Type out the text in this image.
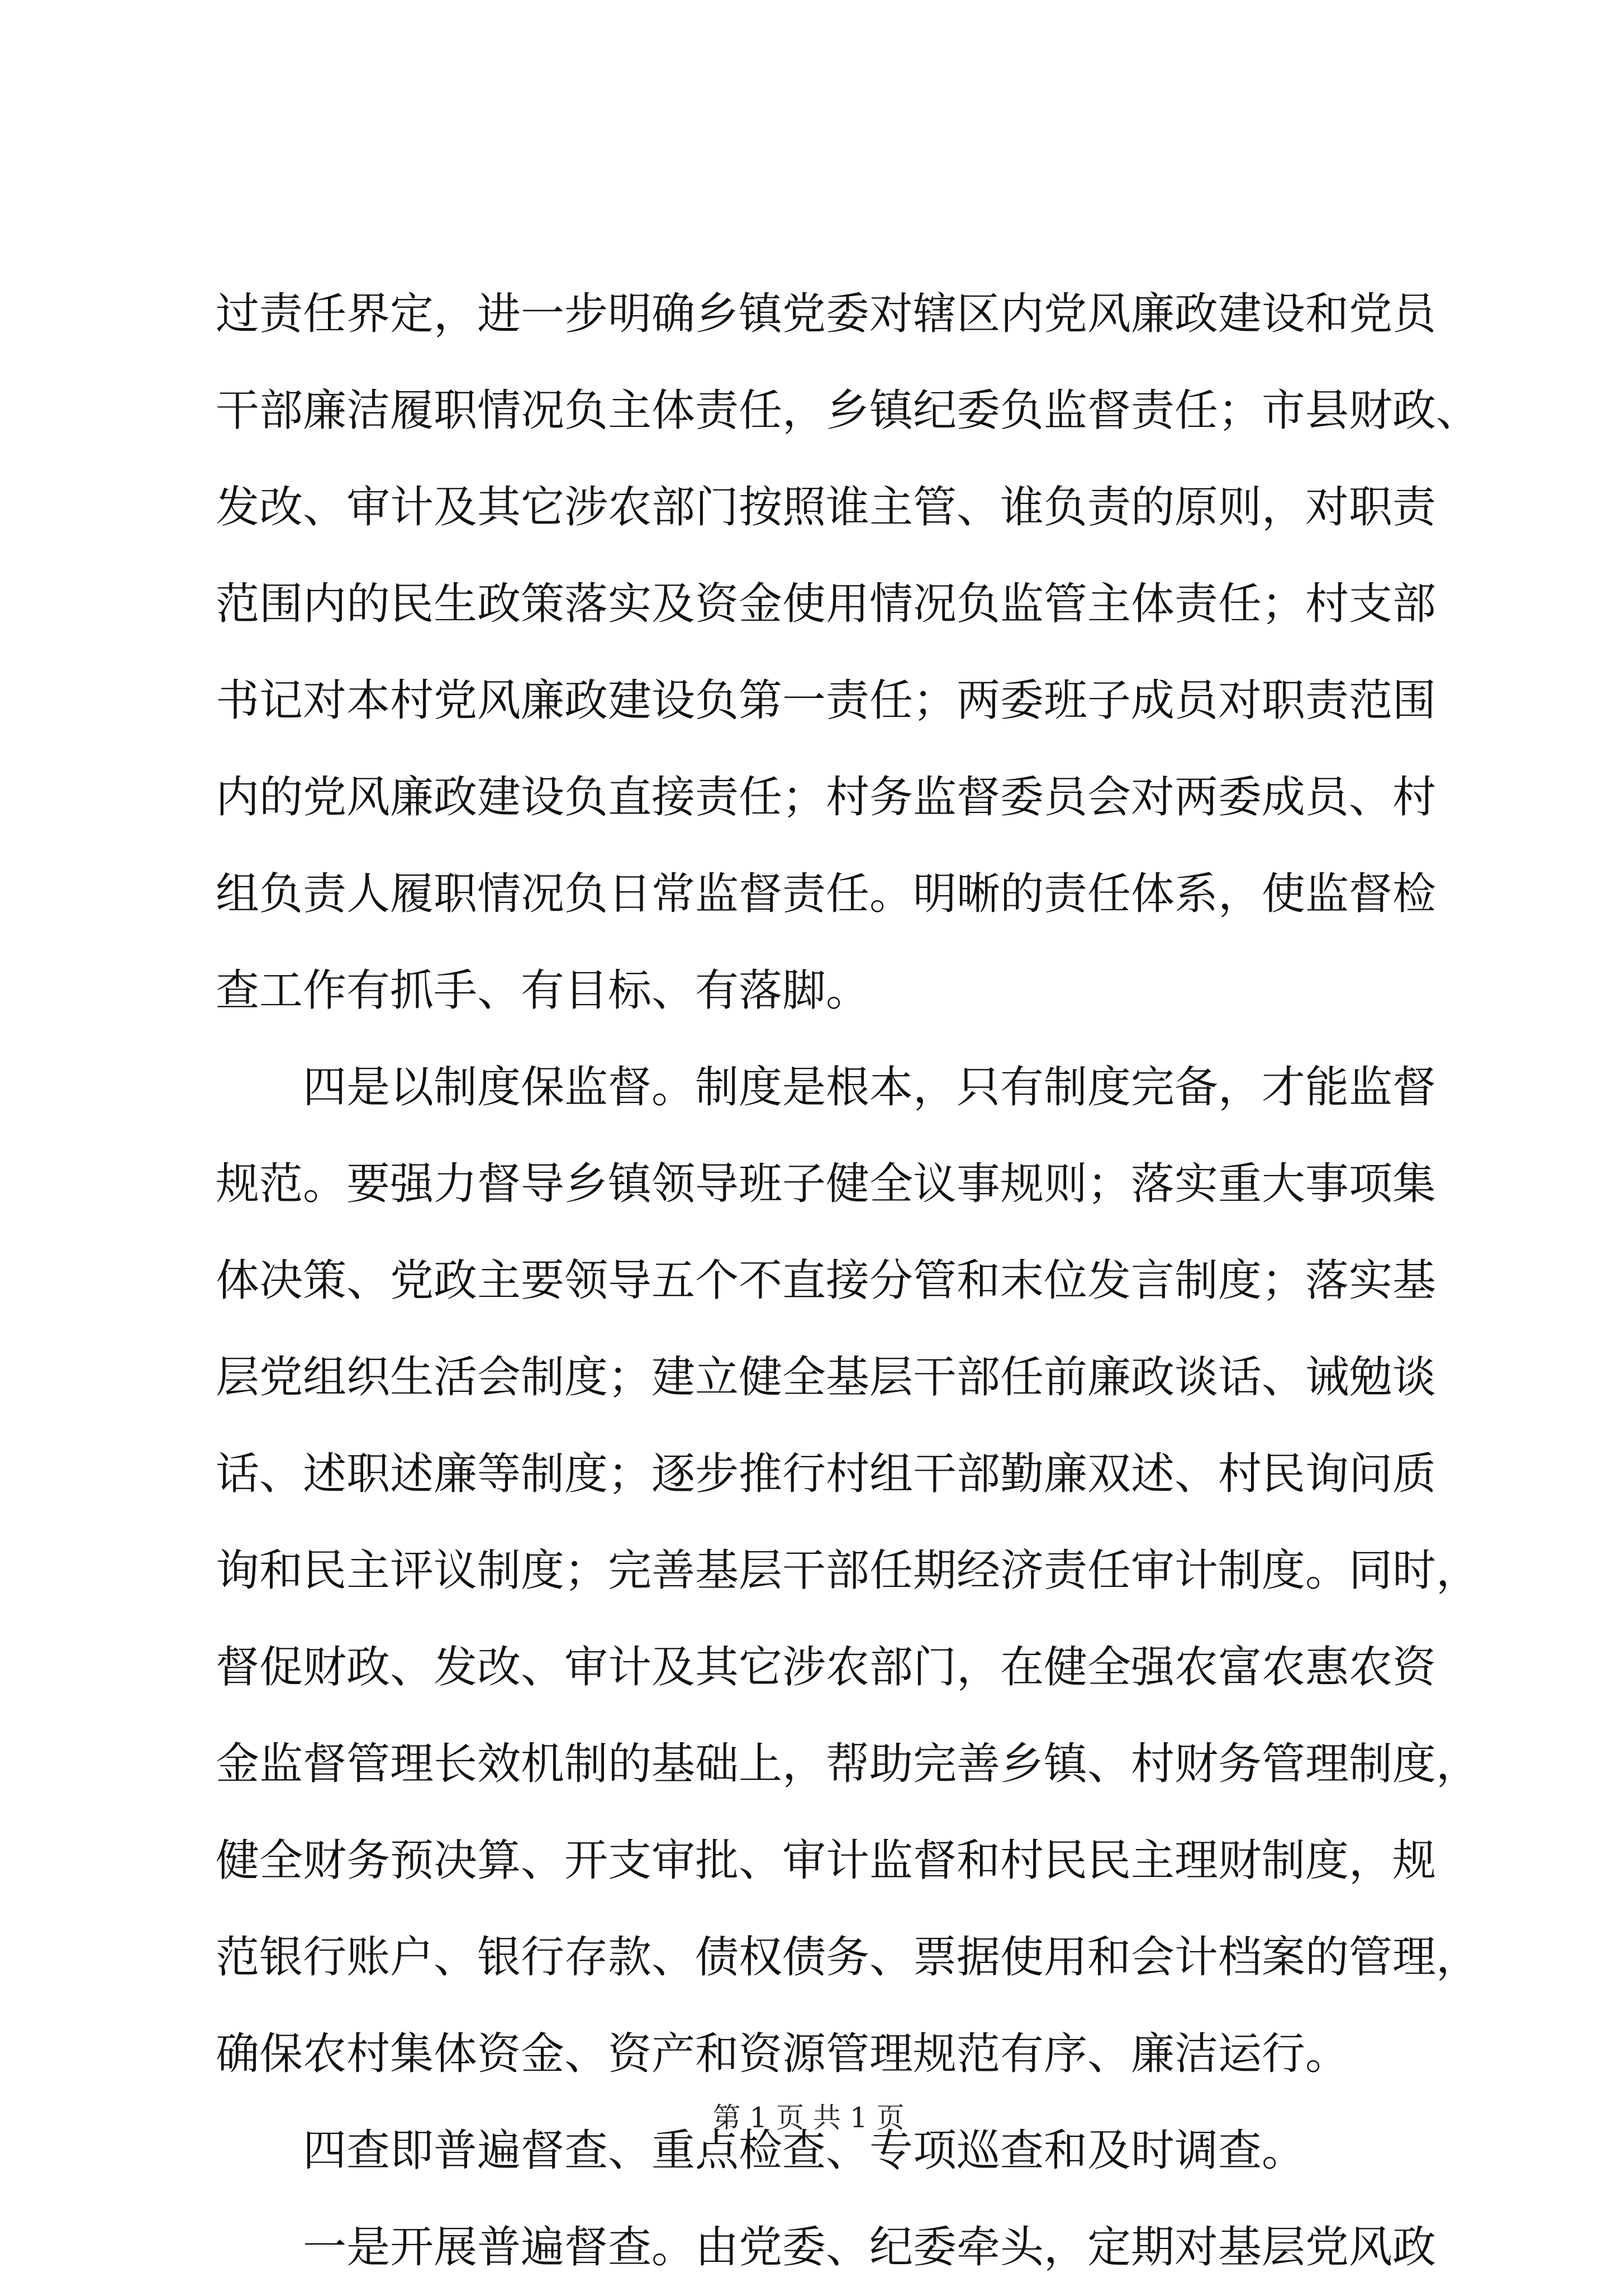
过责任界定，进一步明确乡镇党委对辖区内党风廉政建设和党员
干部廉洁履职情况负主体责任，乡镇纪委负监督责任；市县财政、
发改、审计及其它涉农部门按照谁主管、谁负责的原则，对职责
范围内的民生政策落实及资金使用情况负监管主体责任；村支部
书记对本村党风廉政建设负第一责任；两委班子成员对职责范围
内的党风廉政建设负直接责任；村务监督委员会对两委成员、村
组负责人履职情况负日常监督责任。明晰的责任体系，使监督检
查工作有抓手、有目标、有落脚。
四是以制度保监督。制度是根本，只有制度完备，才能监督
规范。要强力督导乡镇领导班子健全议事规则；落实重大事项集
体决策、党政主要领导五个不直接分管和末位发言制度；落实基
层党组织生活会制度；建立健全基层干部任前廉政谈话、诫勉谈
话、述职述廉等制度；逐步推行村组干部勤廉双述、村民询问质
询和民主评议制度；完善基层干部任期经济责任审计制度。同时，
督促财政、发改、审计及其它涉农部门，在健全强农富农惠农资
金监督管理长效机制的基础上，帮助完善乡镇、村财务管理制度，
健全财务预决算、开支审批、审计监督和村民民主理财制度，规
范银行账户、银行存款、债权债务、票据使用和会计档案的管理，
确保农村集体资金、资产和资源管理规范有序、廉洁运行。
四查即普遍督查、重点检查、专项巡查和及时调查。
一是开展普遍督查。由党委、纪委牵头，定期对基层党风政
第 1 页 共 1 页
